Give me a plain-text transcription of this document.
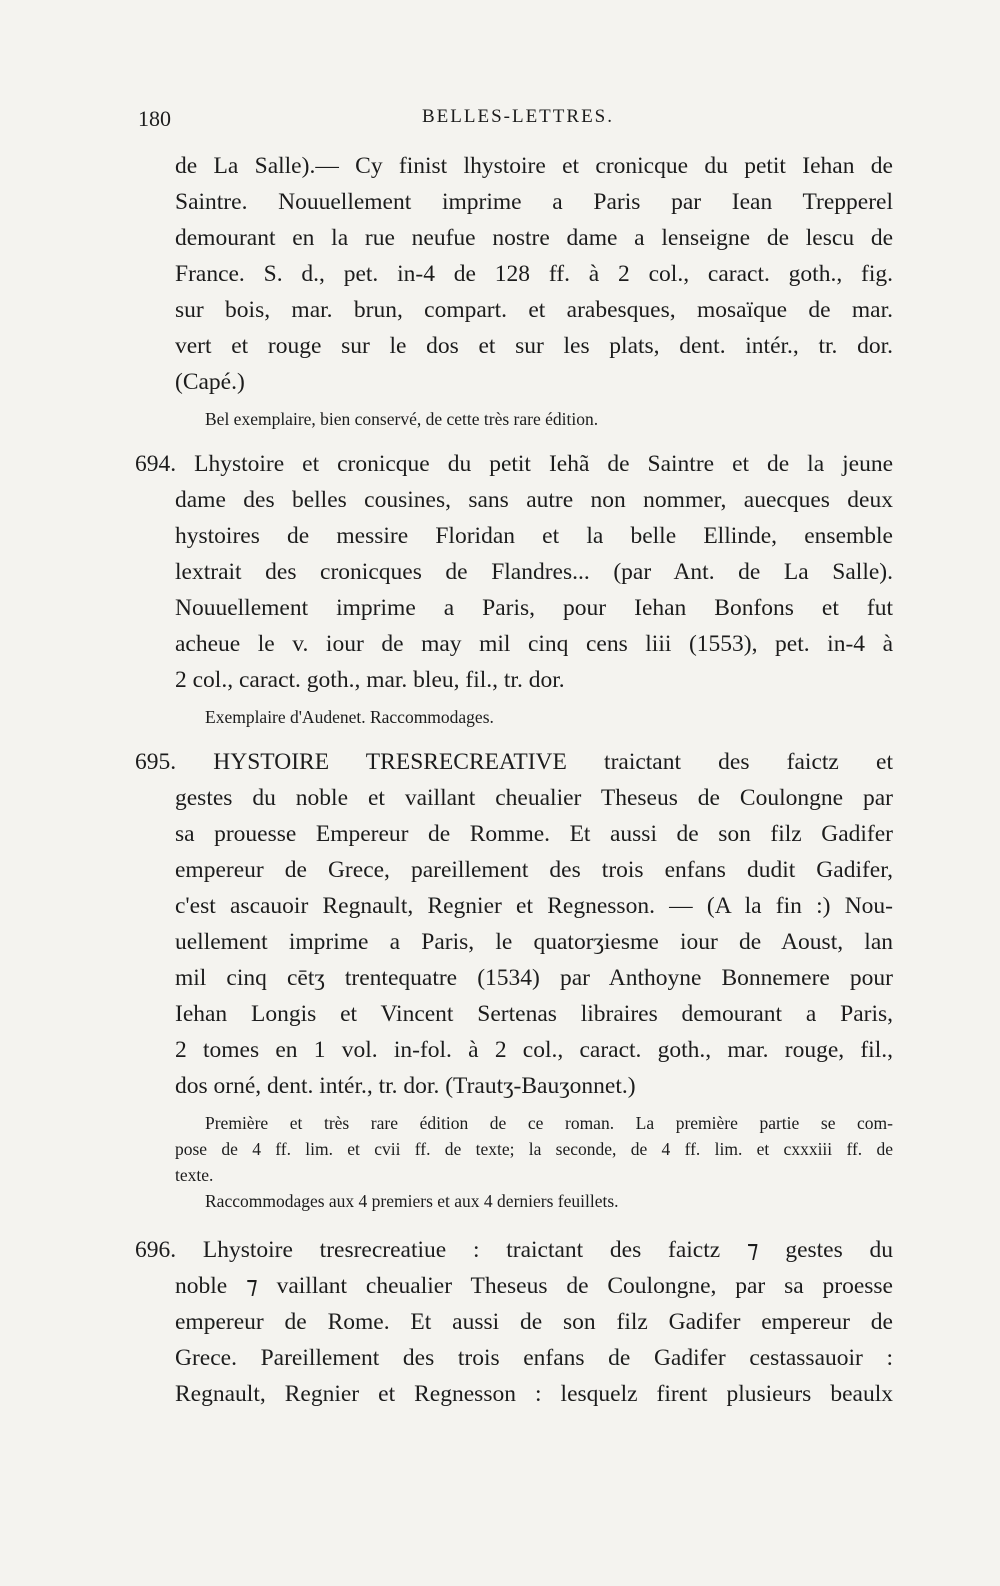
180	BELLES-LETTRES.
de La Salle).— Cy finist lhystoire et cronicque du petit Iehan de
Saintre. Nouuellement imprime a Paris par Iean Trepperel
demourant en la rue neufue nostre dame a lenseigne de lescu de
France. S. d., pet. in-4 de 128 ff. à 2 col., caract. goth., fig.
sur bois, mar. brun, compart. et arabesques, mosaïque de mar.
vert et rouge sur le dos et sur les plats, dent. intér., tr. dor.
(Capé.)
Bel exemplaire, bien conservé, de cette très rare édition.
694. Lhystoire et cronicque du petit Iehã de Saintre et de la jeune
dame des belles cousines, sans autre non nommer, auecques deux
hystoires de messire Floridan et la belle Ellinde, ensemble
lextrait des cronicques de Flandres... (par Ant. de La Salle).
Nouuellement imprime a Paris, pour Iehan Bonfons et fut
acheue le v. iour de may mil cinq cens liii (1553), pet. in-4 à
2 col., caract. goth., mar. bleu, fil., tr. dor.
Exemplaire d'Audenet. Raccommodages.
695. HYSTOIRE TRESRECREATIVE traictant des faictz et
gestes du noble et vaillant cheualier Theseus de Coulongne par
sa prouesse Empereur de Romme. Et aussi de son filz Gadifer
empereur de Grece, pareillement des trois enfans dudit Gadifer,
c'est ascauoir Regnault, Regnier et Regnesson. — (A la fin :) Nou-
uellement imprime a Paris, le quatorʒiesme iour de Aoust, lan
mil cinq cētʒ trentequatre (1534) par Anthoyne Bonnemere pour
Iehan Longis et Vincent Sertenas libraires demourant a Paris,
2 tomes en 1 vol. in-fol. à 2 col., caract. goth., mar. rouge, fil.,
dos orné, dent. intér., tr. dor. (Trautʒ-Bauʒonnet.)
Première et très rare édition de ce roman. La première partie se com-
pose de 4 ff. lim. et cvii ff. de texte; la seconde, de 4 ff. lim. et cxxxiii ff. de
texte.
Raccommodages aux 4 premiers et aux 4 derniers feuillets.
696. Lhystoire tresrecreatiue : traictant des faictz ⁊ gestes du
noble ⁊ vaillant cheualier Theseus de Coulongne, par sa proesse
empereur de Rome. Et aussi de son filz Gadifer empereur de
Grece. Pareillement des trois enfans de Gadifer cestassauoir :
Regnault, Regnier et Regnesson : lesquelz firent plusieurs beaulx
